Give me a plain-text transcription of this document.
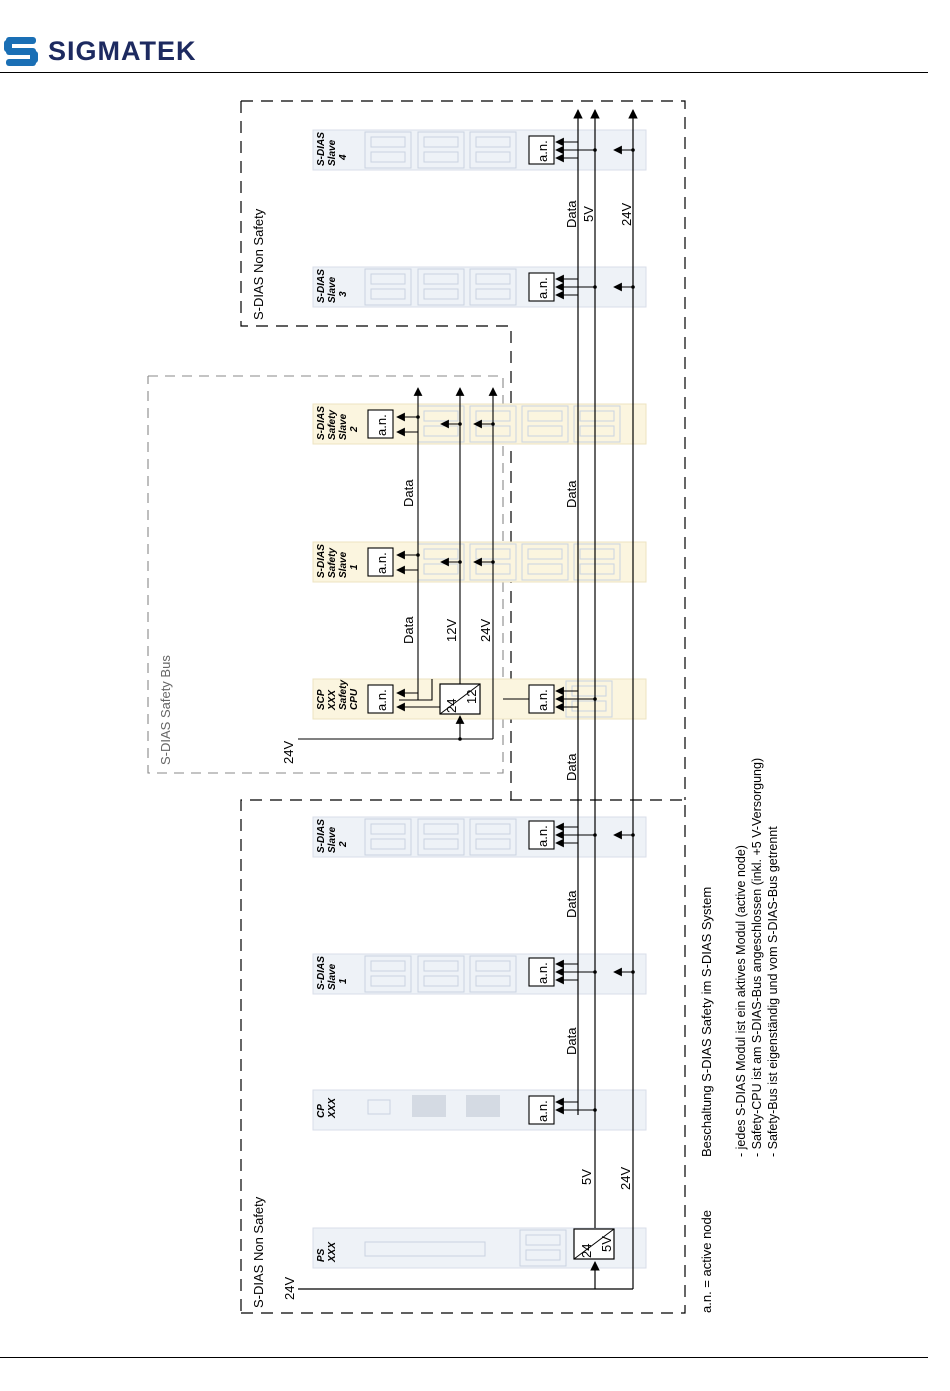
SIGMATEK
S-DIAS Non Safety
S-DIAS Non Safety
S-DIAS Safety Bus
PS XXX
CP XXX
S-DIAS Slave 1
S-DIAS Slave 2
SCP XXX Safety CPU
S-DIAS Safety Slave 1
S-DIAS Safety Slave 2
S-DIAS Slave 3
S-DIAS Slave 4
24 5V
a.n.
a.n.
a.n.
a.n.
a.n.
a.n.
24
12
a.n.
a.n.
a.n.
24V
5V 24V
Data
Data
Data
Data
Data 5V 24V
24V
Data
Data
12V 24V
a.n. = active node
Beschaltung S-DIAS Safety im S-DIAS System - jedes S-DIAS Modul ist ein aktives Modul (active node) - Safety-CPU ist am S-DIAS-Bus angeschlossen (inkl. +5 V-Versorgung) - Safety-Bus ist eigenständig und vom S-DIAS-Bus getrennt
